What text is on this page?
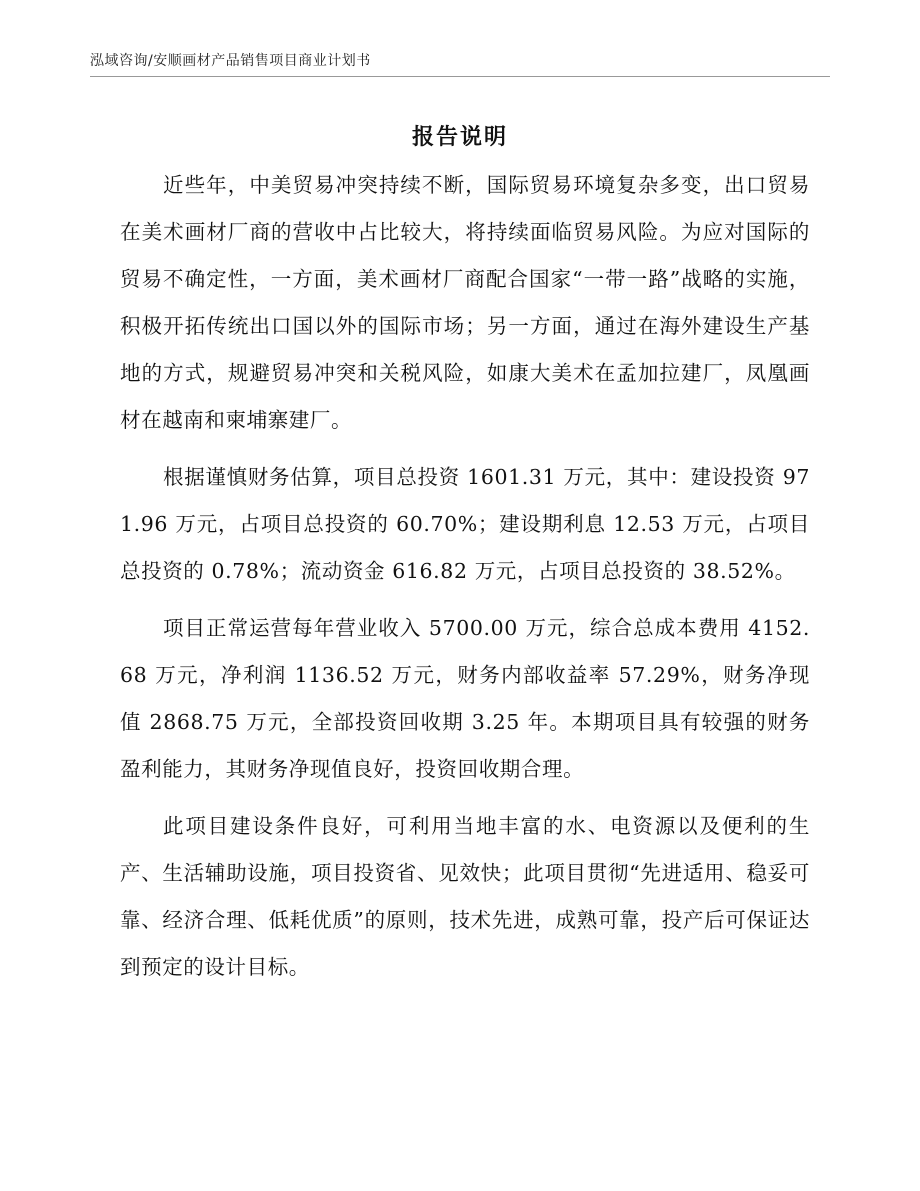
泓域咨询/安顺画材产品销售项目商业计划书
报告说明

近些年，中美贸易冲突持续不断，国际贸易环境复杂多变，出口贸易在美术画材厂商的营收中占比较大，将持续面临贸易风险。为应对国际的贸易不确定性，一方面，美术画材厂商配合国家“一带一路”战略的实施，积极开拓传统出口国以外的国际市场；另一方面，通过在海外建设生产基地的方式，规避贸易冲突和关税风险，如康大美术在孟加拉建厂，凤凰画材在越南和柬埔寨建厂。

根据谨慎财务估算，项目总投资 1601.31 万元，其中：建设投资 971.96 万元，占项目总投资的 60.70%；建设期利息 12.53 万元，占项目总投资的 0.78%；流动资金 616.82 万元，占项目总投资的 38.52%。

项目正常运营每年营业收入 5700.00 万元，综合总成本费用 4152.68 万元，净利润 1136.52 万元，财务内部收益率 57.29%，财务净现值 2868.75 万元，全部投资回收期 3.25 年。本期项目具有较强的财务盈利能力，其财务净现值良好，投资回收期合理。

此项目建设条件良好，可利用当地丰富的水、电资源以及便利的生产、生活辅助设施，项目投资省、见效快；此项目贯彻“先进适用、稳妥可靠、经济合理、低耗优质”的原则，技术先进，成熟可靠，投产后可保证达到预定的设计目标。
